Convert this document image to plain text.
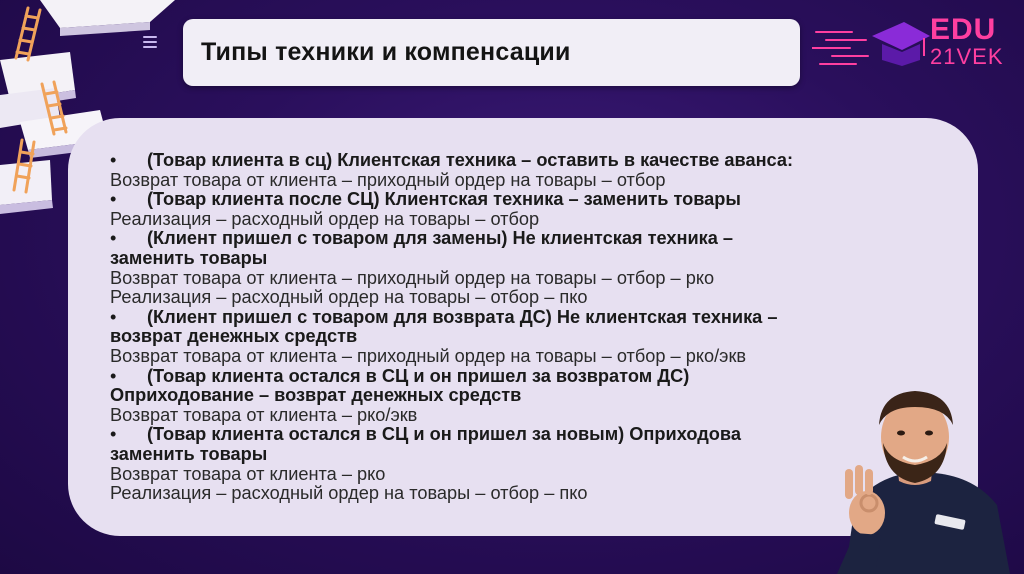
Типы техники и компенсации
EDU
21VEK
•	(Товар клиента в сц) Клиентская техника – оставить в качестве аванса:
Возврат товара от клиента – приходный ордер на товары – отбор
•	(Товар клиента после СЦ) Клиентская техника – заменить товары
Реализация – расходный ордер на товары – отбор
•	(Клиент пришел с товаром для замены) Не клиентская техника –
заменить товары
Возврат товара от клиента – приходный ордер на товары – отбор – рко
Реализация – расходный ордер на товары – отбор – пко
•	(Клиент пришел с товаром для возврата ДС) Не клиентская техника –
возврат денежных средств
Возврат товара от клиента – приходный ордер на товары – отбор – рко/экв
•	(Товар клиента остался в СЦ и он пришел за возвратом ДС)
Оприходование – возврат денежных средств
Возврат товара от клиента – рко/экв
•	(Товар клиента остался в СЦ и он пришел за новым) Оприходова
заменить товары
Возврат товара от клиента – рко
Реализация – расходный ордер на товары – отбор – пко
